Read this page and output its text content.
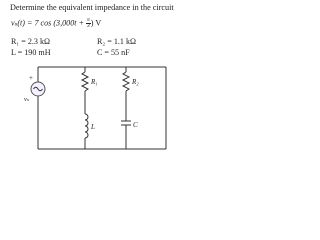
Determine the equivalent impedance in the circuit
vₛ(t) = 7 $\cos (3,000t + \frac{\pi}{3}$ ) V
R₁ = 2.3 kΩ	R₂ = 1.1 kΩ
L = 190 mH	C = 55 nF
+
vₛ
R₁	R₂
L	C
